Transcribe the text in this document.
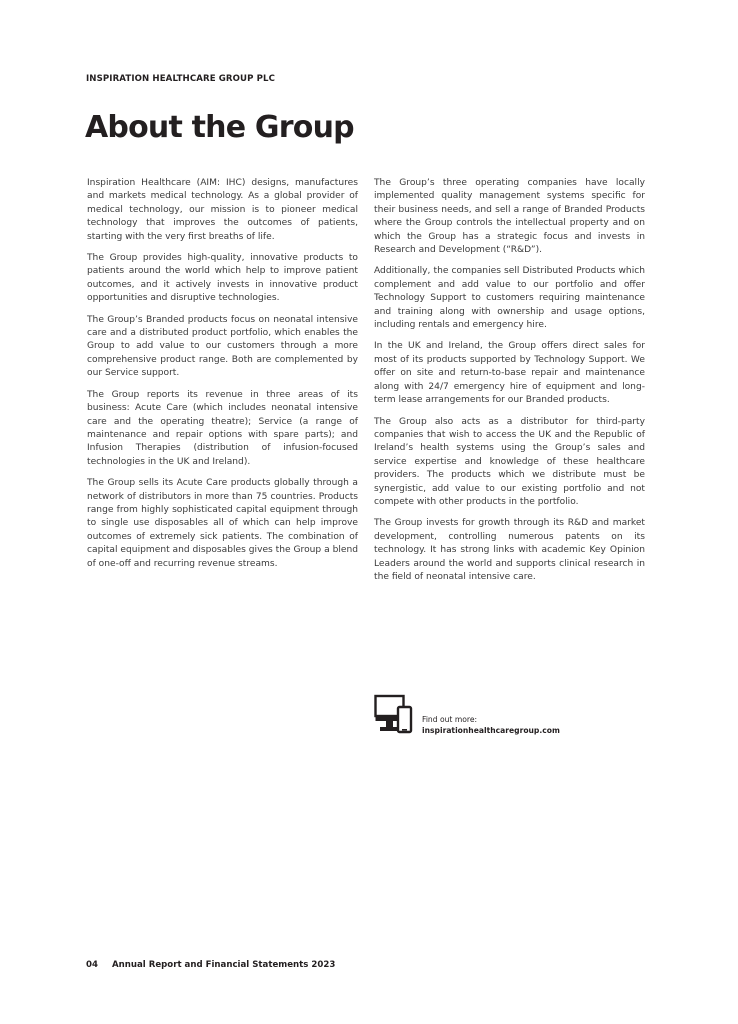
INSPIRATION HEALTHCARE GROUP PLC
About the Group

Inspiration Healthcare (AIM: IHC) designs, manufactures and markets medical technology. As a global provider of medical technology, our mission is to pioneer medical technology that improves the outcomes of patients, starting with the very first breaths of life.

The Group provides high-quality, innovative products to patients around the world which help to improve patient outcomes, and it actively invests in innovative product opportunities and disruptive technologies.

The Group’s Branded products focus on neonatal intensive care and a distributed product portfolio, which enables the Group to add value to our customers through a more comprehensive product range. Both are complemented by our Service support.

The Group reports its revenue in three areas of its business: Acute Care (which includes neonatal intensive care and the operating theatre); Service (a range of maintenance and repair options with spare parts); and Infusion Therapies (distribution of infusion-focused technologies in the UK and Ireland).

The Group sells its Acute Care products globally through a network of distributors in more than 75 countries. Products range from highly sophisticated capital equipment through to single use disposables all of which can help improve outcomes of extremely sick patients. The combination of capital equipment and disposables gives the Group a blend of one-off and recurring revenue streams.

The Group’s three operating companies have locally implemented quality management systems specific for their business needs, and sell a range of Branded Products where the Group controls the intellectual property and on which the Group has a strategic focus and invests in Research and Development (“R&D”).

Additionally, the companies sell Distributed Products which complement and add value to our portfolio and offer Technology Support to customers requiring maintenance and training along with ownership and usage options, including rentals and emergency hire.

In the UK and Ireland, the Group offers direct sales for most of its products supported by Technology Support. We offer on site and return-to-base repair and maintenance along with 24/7 emergency hire of equipment and long-term lease arrangements for our Branded products.

The Group also acts as a distributor for third-party companies that wish to access the UK and the Republic of Ireland’s health systems using the Group’s sales and service expertise and knowledge of these healthcare providers. The products which we distribute must be synergistic, add value to our existing portfolio and not compete with other products in the portfolio.

The Group invests for growth through its R&D and market development, controlling numerous patents on its technology. It has strong links with academic Key Opinion Leaders around the world and supports clinical research in the field of neonatal intensive care.

Find out more:
inspirationhealthcaregroup.com
04 Annual Report and Financial Statements 2023
